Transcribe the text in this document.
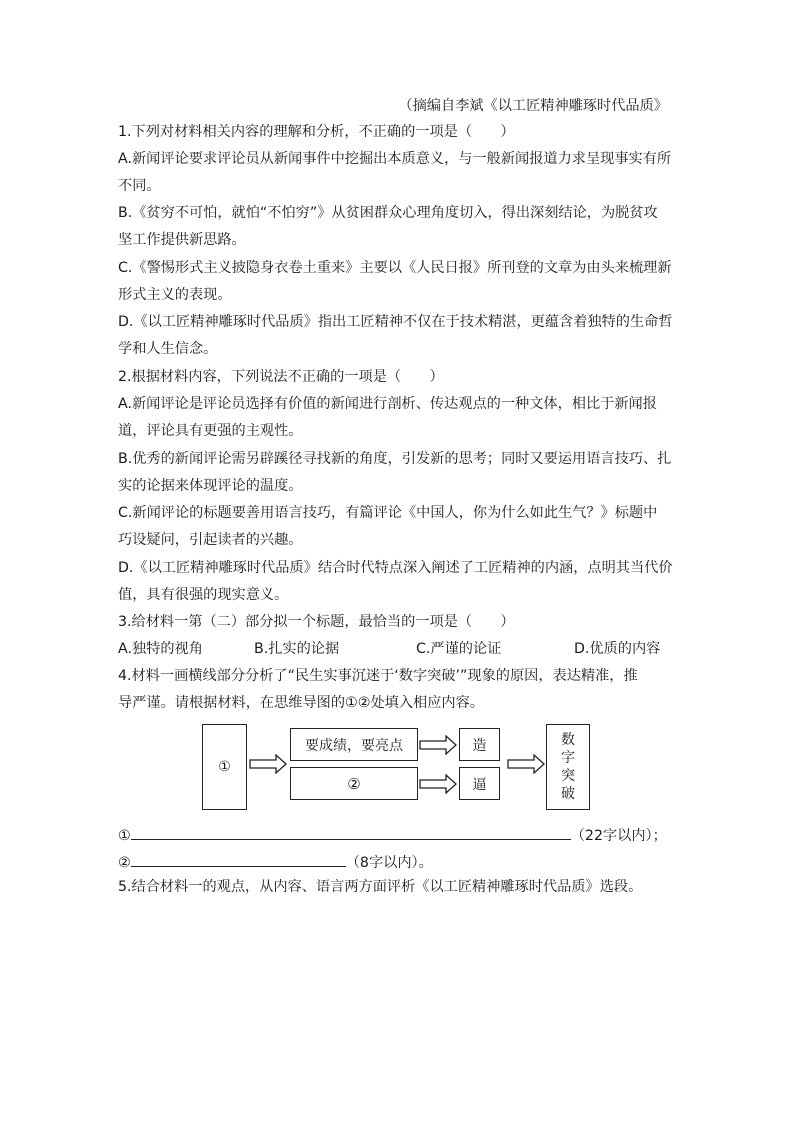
（摘编自李斌《以工匠精神雕琢时代品质》
1.下列对材料相关内容的理解和分析，不正确的一项是（　　）
A.新闻评论要求评论员从新闻事件中挖掘出本质意义，与一般新闻报道力求呈现事实有所
不同。
B.《贫穷不可怕，就怕“不怕穷”》从贫困群众心理角度切入，得出深刻结论，为脱贫攻
坚工作提供新思路。
C.《警惕形式主义披隐身衣卷土重来》主要以《人民日报》所刊登的文章为由头来梳理新
形式主义的表现。
D.《以工匠精神雕琢时代品质》指出工匠精神不仅在于技术精湛，更蕴含着独特的生命哲
学和人生信念。
2.根据材料内容，下列说法不正确的一项是（　　）
A.新闻评论是评论员选择有价值的新闻进行剖析、传达观点的一种文体，相比于新闻报
道，评论具有更强的主观性。
B.优秀的新闻评论需另辟蹊径寻找新的角度，引发新的思考；同时又要运用语言技巧、扎
实的论据来体现评论的温度。
C.新闻评论的标题要善用语言技巧，有篇评论《中国人，你为什么如此生气？》标题中
巧设疑问，引起读者的兴趣。
D.《以工匠精神雕琢时代品质》结合时代特点深入阐述了工匠精神的内涵，点明其当代价
值，具有很强的现实意义。
3.给材料一第（二）部分拟一个标题，最恰当的一项是（　　）
A.独特的视角	B.扎实的论据	C.严谨的论证	D.优质的内容
4.材料一画横线部分分析了“民生实事沉迷于‘数字突破’”现象的原因，表达精准，推
导严谨。请根据材料，在思维导图的①②处填入相应内容。
①
要成绩，要亮点
②
造
逼
数
字
突
破
①	（22字以内）；
②	（8字以内）。
5.结合材料一的观点，从内容、语言两方面评析《以工匠精神雕琢时代品质》选段。
